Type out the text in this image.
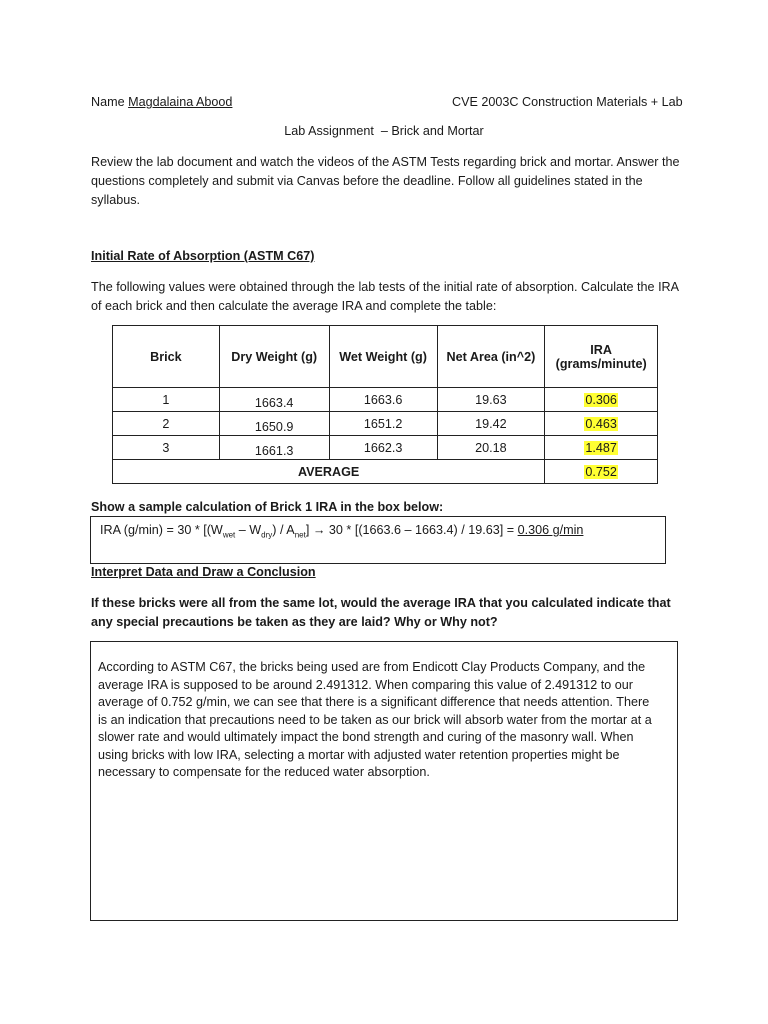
Name Magdalaina Abood	CVE 2003C Construction Materials + Lab
Lab Assignment  – Brick and Mortar
Review the lab document and watch the videos of the ASTM Tests regarding brick and mortar. Answer the questions completely and submit via Canvas before the deadline. Follow all guidelines stated in the syllabus.
Initial Rate of Absorption (ASTM C67)
The following values were obtained through the lab tests of the initial rate of absorption. Calculate the IRA of each brick and then calculate the average IRA and complete the table:
Brick	Dry Weight (g)	Wet Weight (g)	Net Area (in^2)	IRA
(grams/minute)

1	1663.4	1663.6	19.63	0.306
2	1650.9	1651.2	19.42	0.463
3	1661.3	1662.3	20.18	1.487
AVERAGE				0.752
Show a sample calculation of Brick 1 IRA in the box below:
IRA $(g/\min) = 30 * [(W_{wet} - W_{dry}) / A_{net}] \to 30 * [(1663.6 - 1663.4) / 19.63] = 0.306$ g/min
Interpret Data and Draw a Conclusion
If these bricks were all from the same lot, would the average IRA that you calculated indicate that any special precautions be taken as they are laid? Why or Why not?
According to ASTM C67, the bricks being used are from Endicott Clay Products Company, and the average IRA is supposed to be around 2.491312. When comparing this value of 2.491312 to our average of 0.752 g/min, we can see that there is a significant difference that needs attention. There is an indication that precautions need to be taken as our brick will absorb water from the mortar at a slower rate and would ultimately impact the bond strength and curing of the masonry wall. When using bricks with low IRA, selecting a mortar with adjusted water retention properties might be necessary to compensate for the reduced water absorption.
